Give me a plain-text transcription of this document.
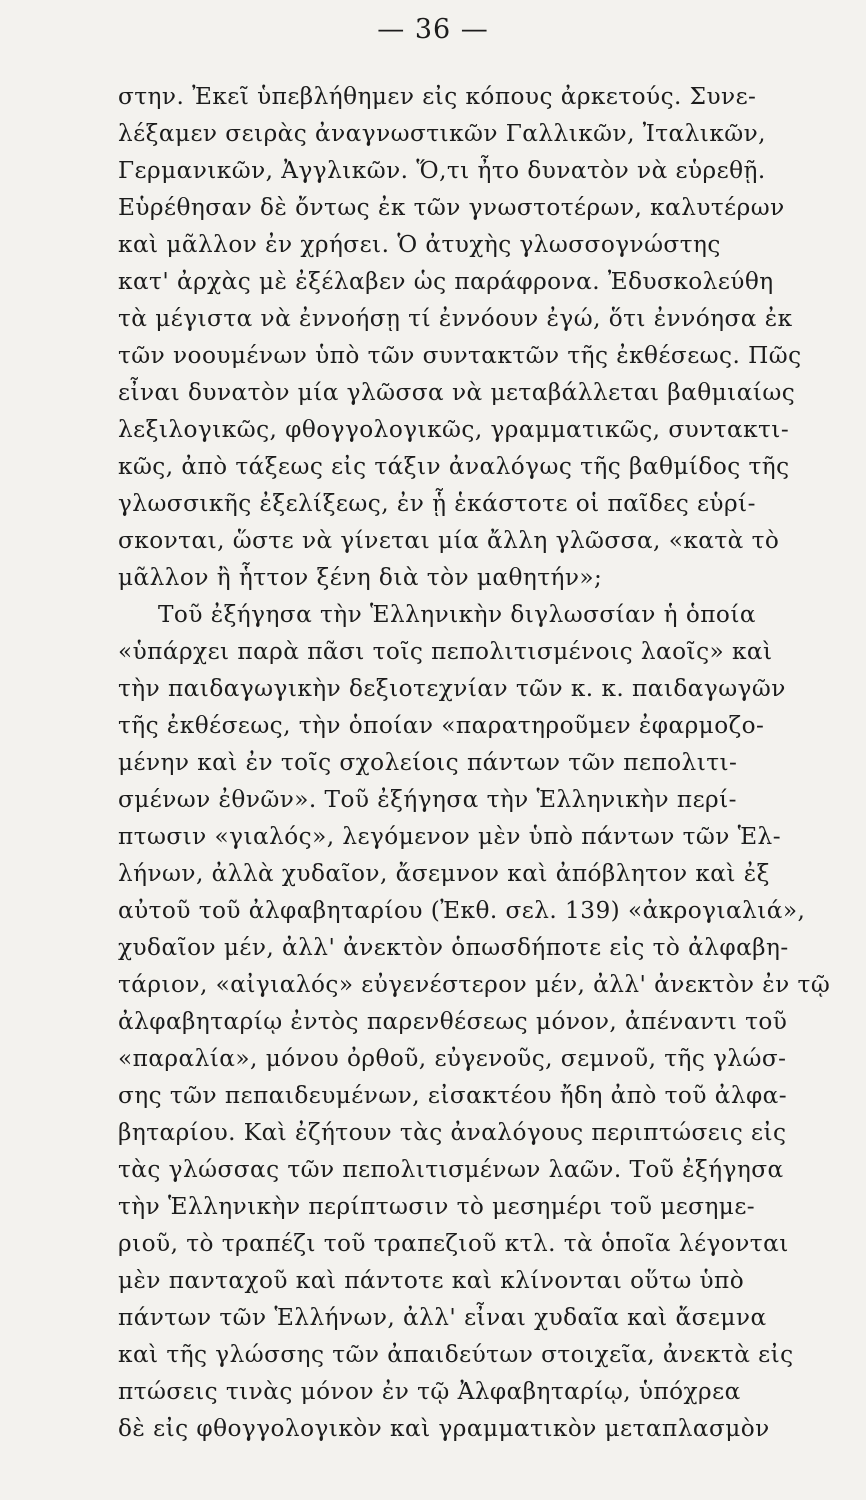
— 36 —
στην. Ἐκεῖ ὑπεβλήθημεν εἰς κόπους ἀρκετούς. Συνε-
λέξαμεν σειρὰς ἀναγνωστικῶν Γαλλικῶν, Ἰταλικῶν,
Γερμανικῶν, Ἀγγλικῶν. Ὅ,τι ἦτο δυνατὸν νὰ εὑρεθῇ.
Εὑρέθησαν δὲ ὄντως ἐκ τῶν γνωστοτέρων, καλυτέρων
καὶ μᾶλλον ἐν χρήσει. Ὁ ἀτυχὴς γλωσσογνώστης
κατ' ἀρχὰς μὲ ἐξέλαβεν ὡς παράφρονα. Ἐδυσκολεύθη
τὰ μέγιστα νὰ ἐννοήσῃ τί ἐννόουν ἐγώ, ὅτι ἐννόησα ἐκ
τῶν νοουμένων ὑπὸ τῶν συντακτῶν τῆς ἐκθέσεως. Πῶς
εἶναι δυνατὸν μία γλῶσσα νὰ μεταβάλλεται βαθμιαίως
λεξιλογικῶς, φθογγολογικῶς, γραμματικῶς, συντακτι-
κῶς, ἀπὸ τάξεως εἰς τάξιν ἀναλόγως τῆς βαθμίδος τῆς
γλωσσικῆς ἐξελίξεως, ἐν ᾗ ἑκάστοτε οἱ παῖδες εὑρί-
σκονται, ὥστε νὰ γίνεται μία ἄλλη γλῶσσα, «κατὰ τὸ
μᾶλλον ἢ ἧττον ξένη διὰ τὸν μαθητήν»;
Τοῦ ἐξήγησα τὴν Ἑλληνικὴν διγλωσσίαν ἡ ὁποία
«ὑπάρχει παρὰ πᾶσι τοῖς πεπολιτισμένοις λαοῖς» καὶ
τὴν παιδαγωγικὴν δεξιοτεχνίαν τῶν κ. κ. παιδαγωγῶν
τῆς ἐκθέσεως, τὴν ὁποίαν «παρατηροῦμεν ἐφαρμοζο-
μένην καὶ ἐν τοῖς σχολείοις πάντων τῶν πεπολιτι-
σμένων ἐθνῶν». Τοῦ ἐξήγησα τὴν Ἑλληνικὴν περί-
πτωσιν «γιαλός», λεγόμενον μὲν ὑπὸ πάντων τῶν Ἑλ-
λήνων, ἀλλὰ χυδαῖον, ἄσεμνον καὶ ἀπόβλητον καὶ ἐξ
αὐτοῦ τοῦ ἀλφαβηταρίου (Ἐκθ. σελ. 139) «ἀκρογιαλιά»,
χυδαῖον μέν, ἀλλ' ἀνεκτὸν ὁπωσδήποτε εἰς τὸ ἀλφαβη-
τάριον, «αἰγιαλός» εὐγενέστερον μέν, ἀλλ' ἀνεκτὸν ἐν τῷ
ἀλφαβηταρίῳ ἐντὸς παρενθέσεως μόνον, ἀπέναντι τοῦ
«παραλία», μόνου ὀρθοῦ, εὐγενοῦς, σεμνοῦ, τῆς γλώσ-
σης τῶν πεπαιδευμένων, εἰσακτέου ἤδη ἀπὸ τοῦ ἀλφα-
βηταρίου. Καὶ ἐζήτουν τὰς ἀναλόγους περιπτώσεις εἰς
τὰς γλώσσας τῶν πεπολιτισμένων λαῶν. Τοῦ ἐξήγησα
τὴν Ἑλληνικὴν περίπτωσιν τὸ μεσημέρι τοῦ μεσημε-
ριοῦ, τὸ τραπέζι τοῦ τραπεζιοῦ κτλ. τὰ ὁποῖα λέγονται
μὲν πανταχοῦ καὶ πάντοτε καὶ κλίνονται οὕτω ὑπὸ
πάντων τῶν Ἑλλήνων, ἀλλ' εἶναι χυδαῖα καὶ ἄσεμνα
καὶ τῆς γλώσσης τῶν ἀπαιδεύτων στοιχεῖα, ἀνεκτὰ εἰς
πτώσεις τινὰς μόνον ἐν τῷ Ἀλφαβηταρίῳ, ὑπόχρεα
δὲ εἰς φθογγολογικὸν καὶ γραμματικὸν μεταπλασμὸν
